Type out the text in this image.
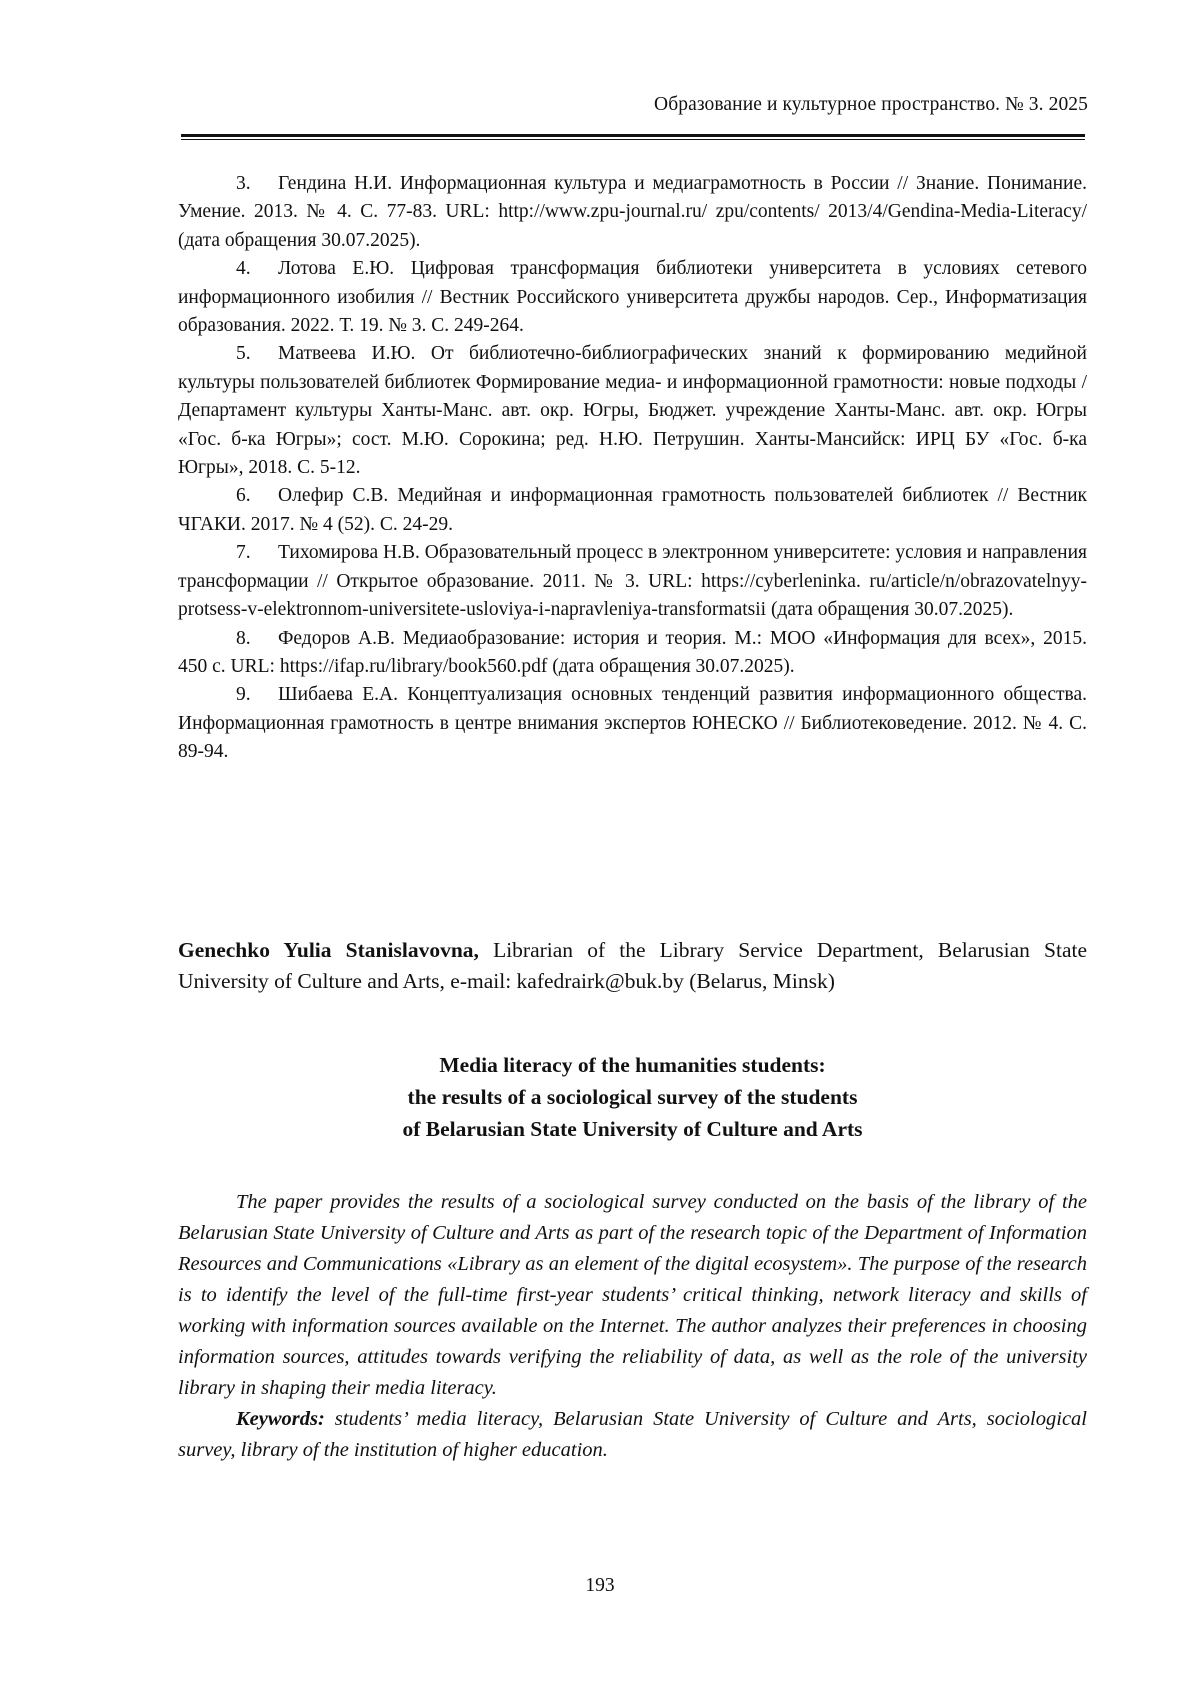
Образование и культурное пространство. № 3. 2025

3. Гендина Н.И. Информационная культура и медиаграмотность в России // Знание. Понимание. Умение. 2013. № 4. С. 77-83. URL: http://www.zpu-journal.ru/ zpu/contents/ 2013/4/Gendina-Media-Literacy/ (дата обращения 30.07.2025).

4. Лотова Е.Ю. Цифровая трансформация библиотеки университета в условиях сетевого информационного изобилия // Вестник Российского университета дружбы народов. Сер., Информатизация образования. 2022. Т. 19. № 3. С. 249-264.

5. Матвеева И.Ю. От библиотечно-библиографических знаний к формированию медийной культуры пользователей библиотек Формирование медиа- и информационной грамотности: новые подходы / Департамент культуры Ханты-Манс. авт. окр. Югры, Бюджет. учреждение Ханты-Манс. авт. окр. Югры «Гос. б-ка Югры»; сост. М.Ю. Сорокина; ред. Н.Ю. Петрушин. Ханты-Мансийск: ИРЦ БУ «Гос. б-ка Югры», 2018. С. 5-12.

6. Олефир С.В. Медийная и информационная грамотность пользователей библиотек // Вестник ЧГАКИ. 2017. № 4 (52). С. 24-29.

7. Тихомирова Н.В. Образовательный процесс в электронном университете: условия и направления трансформации // Открытое образование. 2011. № 3. URL: https://cyberleninka. ru/article/n/obrazovatelnyy-protsess-v-elektronnom-universitete-usloviya-i-napravleniya-transformatsii (дата обращения 30.07.2025).

8. Федоров А.В. Медиаобразование: история и теория. М.: МОО «Информация для всех», 2015. 450 с. URL: https://ifap.ru/library/book560.pdf (дата обращения 30.07.2025).

9. Шибаева Е.А. Концептуализация основных тенденций развития информационного общества. Информационная грамотность в центре внимания экспертов ЮНЕСКО // Библиотековедение. 2012. № 4. С. 89-94.

Genechko Yulia Stanislavovna, Librarian of the Library Service Department, Belarusian State University of Culture and Arts, e-mail: kafedrairk@buk.by (Belarus, Minsk)
Media literacy of the humanities students:
the results of a sociological survey of the students
of Belarusian State University of Culture and Arts

The paper provides the results of a sociological survey conducted on the basis of the library of the Belarusian State University of Culture and Arts as part of the research topic of the Department of Information Resources and Communications «Library as an element of the digital ecosystem». The purpose of the research is to identify the level of the full-time first-year students’ critical thinking, network literacy and skills of working with information sources available on the Internet. The author analyzes their preferences in choosing information sources, attitudes towards verifying the reliability of data, as well as the role of the university library in shaping their media literacy.

Keywords: students’ media literacy, Belarusian State University of Culture and Arts, sociological survey, library of the institution of higher education.

193
